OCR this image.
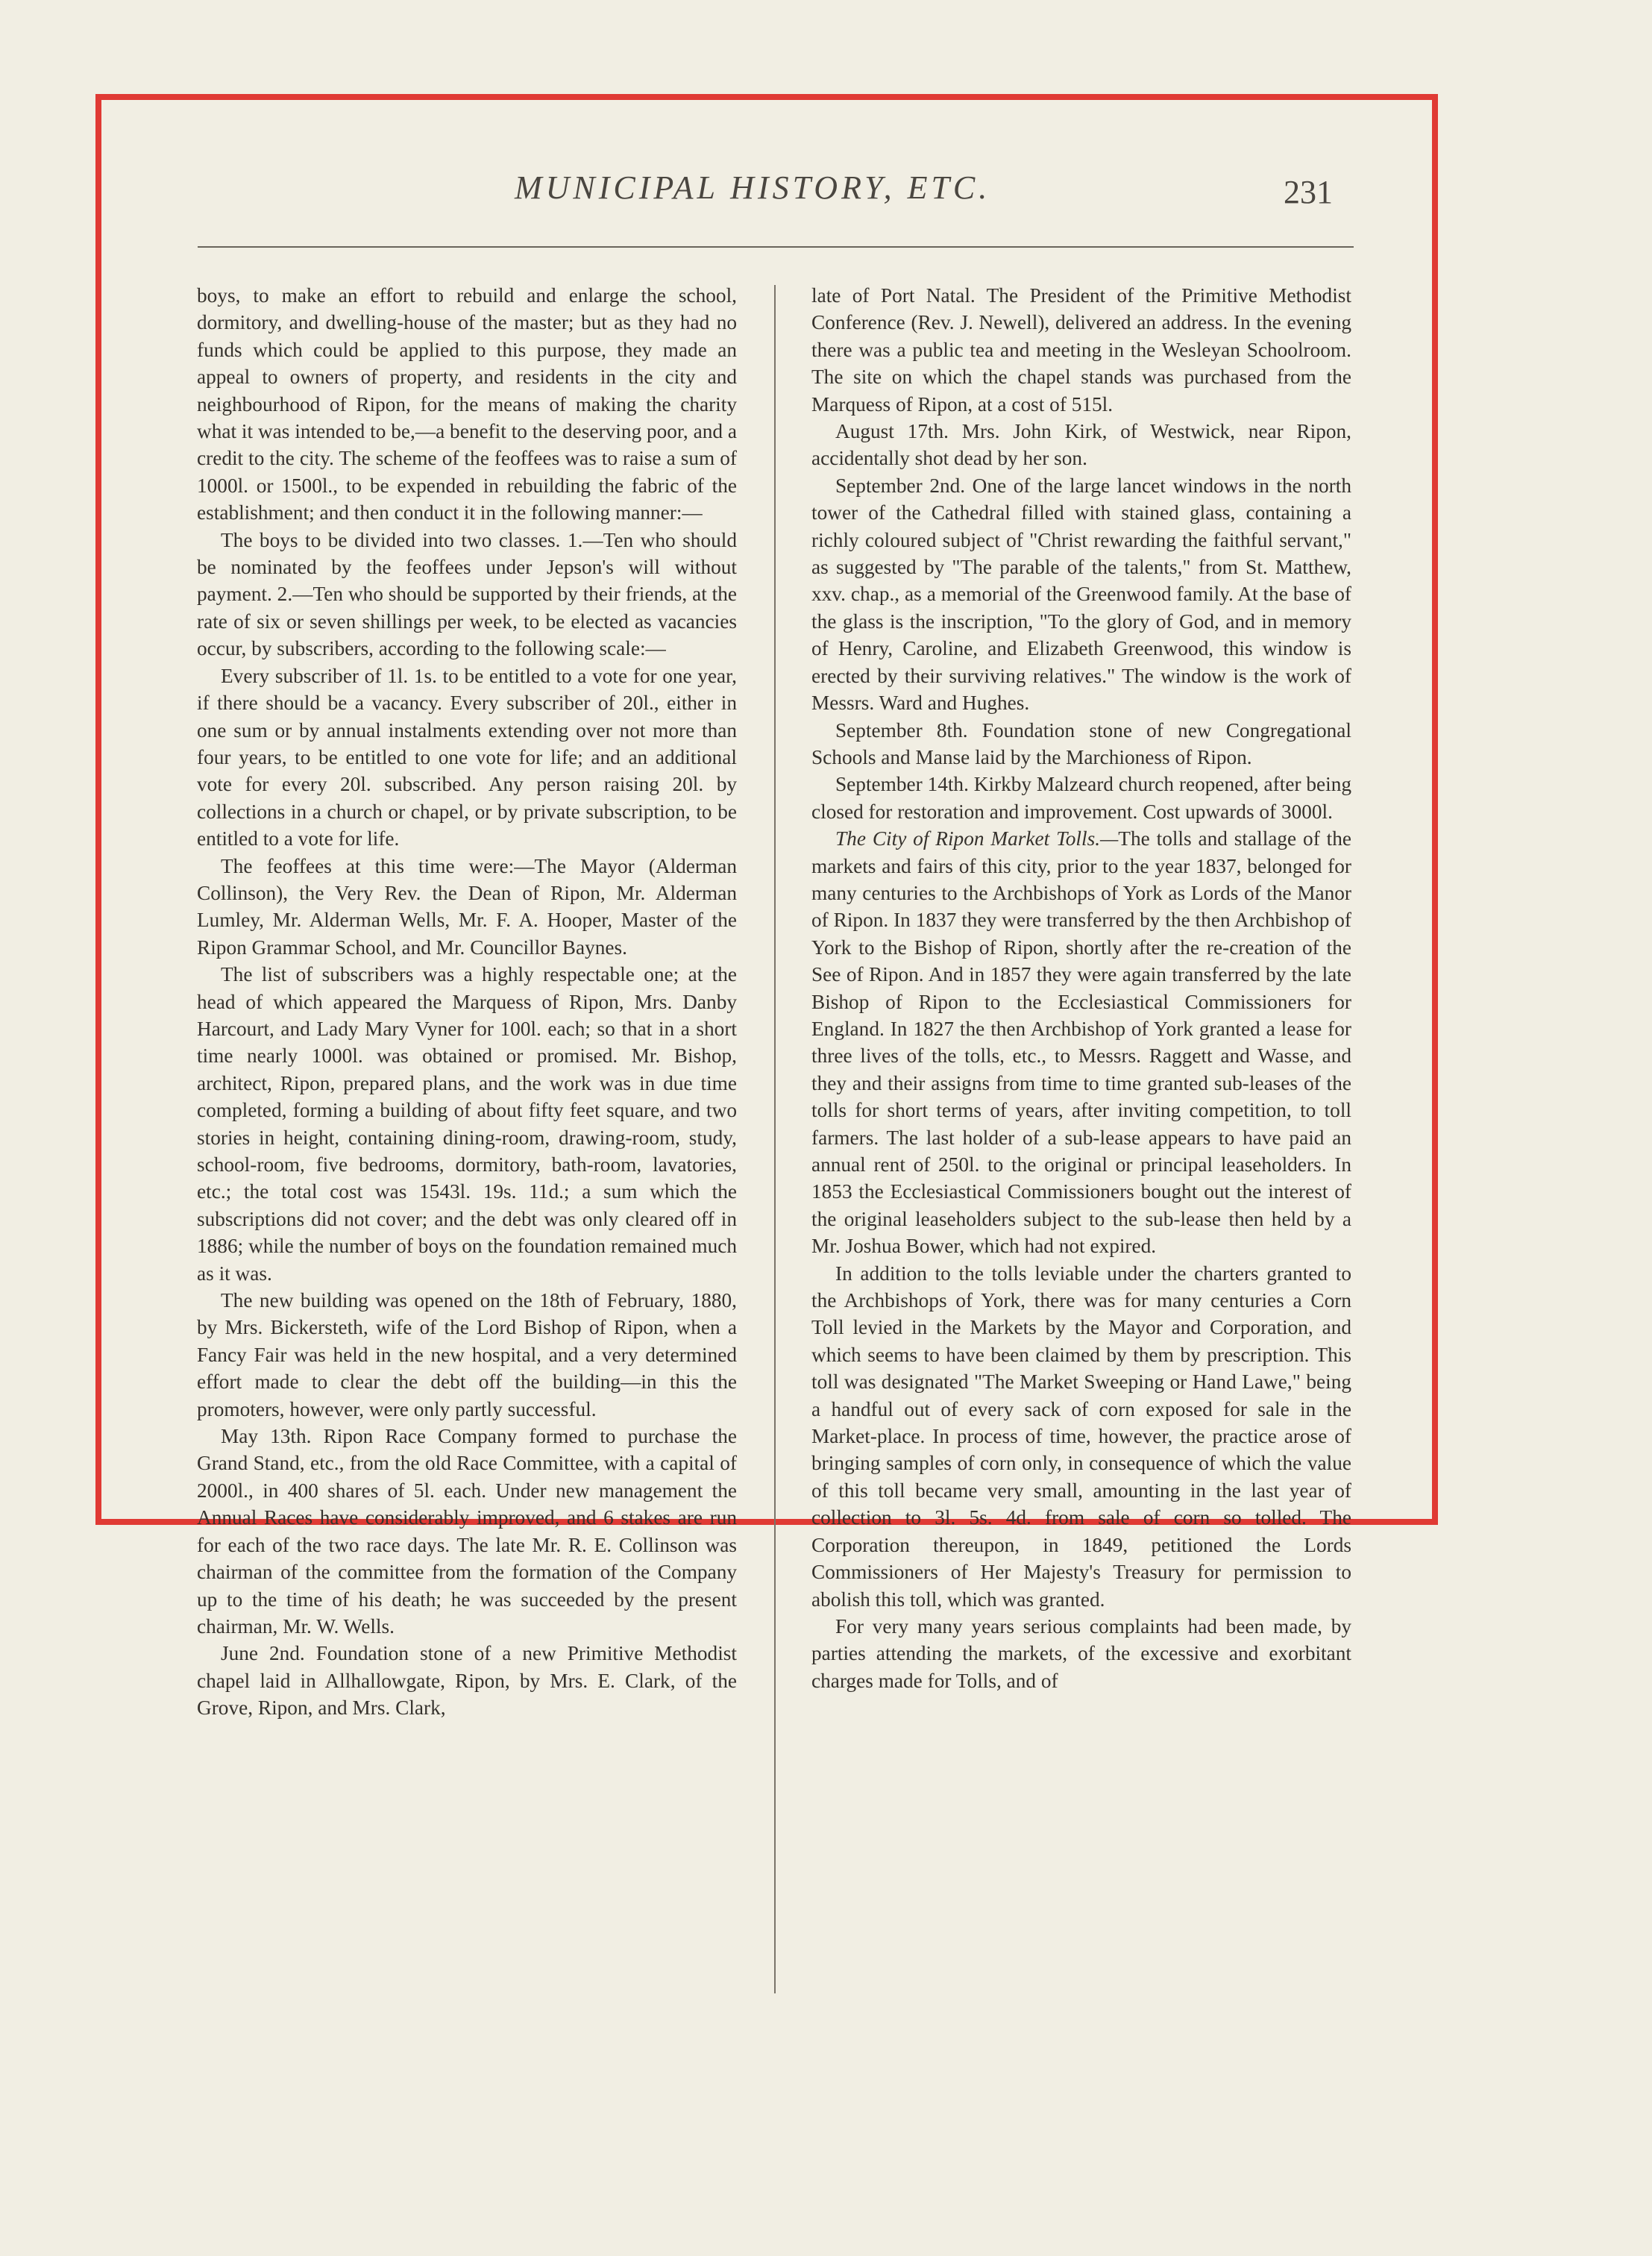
MUNICIPAL HISTORY, ETC.	231

boys, to make an effort to rebuild and enlarge the school, dormitory, and dwelling-house of the master; but as they had no funds which could be applied to this purpose, they made an appeal to owners of property, and residents in the city and neighbourhood of Ripon, for the means of making the charity what it was intended to be,—a benefit to the deserving poor, and a credit to the city. The scheme of the feoffees was to raise a sum of 1000l. or 1500l., to be expended in rebuilding the fabric of the establishment; and then conduct it in the following manner:—

The boys to be divided into two classes. 1.—Ten who should be nominated by the feoffees under Jepson's will without payment. 2.—Ten who should be supported by their friends, at the rate of six or seven shillings per week, to be elected as vacancies occur, by subscribers, according to the following scale:—

Every subscriber of 1l. 1s. to be entitled to a vote for one year, if there should be a vacancy. Every subscriber of 20l., either in one sum or by annual instalments extending over not more than four years, to be entitled to one vote for life; and an additional vote for every 20l. subscribed. Any person raising 20l. by collections in a church or chapel, or by private subscription, to be entitled to a vote for life.

The feoffees at this time were:—The Mayor (Alderman Collinson), the Very Rev. the Dean of Ripon, Mr. Alderman Lumley, Mr. Alderman Wells, Mr. F. A. Hooper, Master of the Ripon Grammar School, and Mr. Councillor Baynes.

The list of subscribers was a highly respectable one; at the head of which appeared the Marquess of Ripon, Mrs. Danby Harcourt, and Lady Mary Vyner for 100l. each; so that in a short time nearly 1000l. was obtained or promised. Mr. Bishop, architect, Ripon, prepared plans, and the work was in due time completed, forming a building of about fifty feet square, and two stories in height, containing dining-room, drawing-room, study, school-room, five bedrooms, dormitory, bath-room, lavatories, etc.; the total cost was 1543l. 19s. 11d.; a sum which the subscriptions did not cover; and the debt was only cleared off in 1886; while the number of boys on the foundation remained much as it was.

The new building was opened on the 18th of February, 1880, by Mrs. Bickersteth, wife of the Lord Bishop of Ripon, when a Fancy Fair was held in the new hospital, and a very determined effort made to clear the debt off the building—in this the promoters, however, were only partly successful.

May 13th. Ripon Race Company formed to purchase the Grand Stand, etc., from the old Race Committee, with a capital of 2000l., in 400 shares of 5l. each. Under new management the Annual Races have considerably improved, and 6 stakes are run for each of the two race days. The late Mr. R. E. Collinson was chairman of the committee from the formation of the Company up to the time of his death; he was succeeded by the present chairman, Mr. W. Wells.

June 2nd. Foundation stone of a new Primitive Methodist chapel laid in Allhallowgate, Ripon, by Mrs. E. Clark, of the Grove, Ripon, and Mrs. Clark,

late of Port Natal. The President of the Primitive Methodist Conference (Rev. J. Newell), delivered an address. In the evening there was a public tea and meeting in the Wesleyan Schoolroom. The site on which the chapel stands was purchased from the Marquess of Ripon, at a cost of 515l.

August 17th. Mrs. John Kirk, of Westwick, near Ripon, accidentally shot dead by her son.

September 2nd. One of the large lancet windows in the north tower of the Cathedral filled with stained glass, containing a richly coloured subject of "Christ rewarding the faithful servant," as suggested by "The parable of the talents," from St. Matthew, xxv. chap., as a memorial of the Greenwood family. At the base of the glass is the inscription, "To the glory of God, and in memory of Henry, Caroline, and Elizabeth Greenwood, this window is erected by their surviving relatives." The window is the work of Messrs. Ward and Hughes.

September 8th. Foundation stone of new Congregational Schools and Manse laid by the Marchioness of Ripon.

September 14th. Kirkby Malzeard church reopened, after being closed for restoration and improvement. Cost upwards of 3000l.

The City of Ripon Market Tolls.—The tolls and stallage of the markets and fairs of this city, prior to the year 1837, belonged for many centuries to the Archbishops of York as Lords of the Manor of Ripon. In 1837 they were transferred by the then Archbishop of York to the Bishop of Ripon, shortly after the re-creation of the See of Ripon. And in 1857 they were again transferred by the late Bishop of Ripon to the Ecclesiastical Commissioners for England. In 1827 the then Archbishop of York granted a lease for three lives of the tolls, etc., to Messrs. Raggett and Wasse, and they and their assigns from time to time granted sub-leases of the tolls for short terms of years, after inviting competition, to toll farmers. The last holder of a sub-lease appears to have paid an annual rent of 250l. to the original or principal leaseholders. In 1853 the Ecclesiastical Commissioners bought out the interest of the original leaseholders subject to the sub-lease then held by a Mr. Joshua Bower, which had not expired.

In addition to the tolls leviable under the charters granted to the Archbishops of York, there was for many centuries a Corn Toll levied in the Markets by the Mayor and Corporation, and which seems to have been claimed by them by prescription. This toll was designated "The Market Sweeping or Hand Lawe," being a handful out of every sack of corn exposed for sale in the Market-place. In process of time, however, the practice arose of bringing samples of corn only, in consequence of which the value of this toll became very small, amounting in the last year of collection to 3l. 5s. 4d. from sale of corn so tolled. The Corporation thereupon, in 1849, petitioned the Lords Commissioners of Her Majesty's Treasury for permission to abolish this toll, which was granted.

For very many years serious complaints had been made, by parties attending the markets, of the excessive and exorbitant charges made for Tolls, and of
